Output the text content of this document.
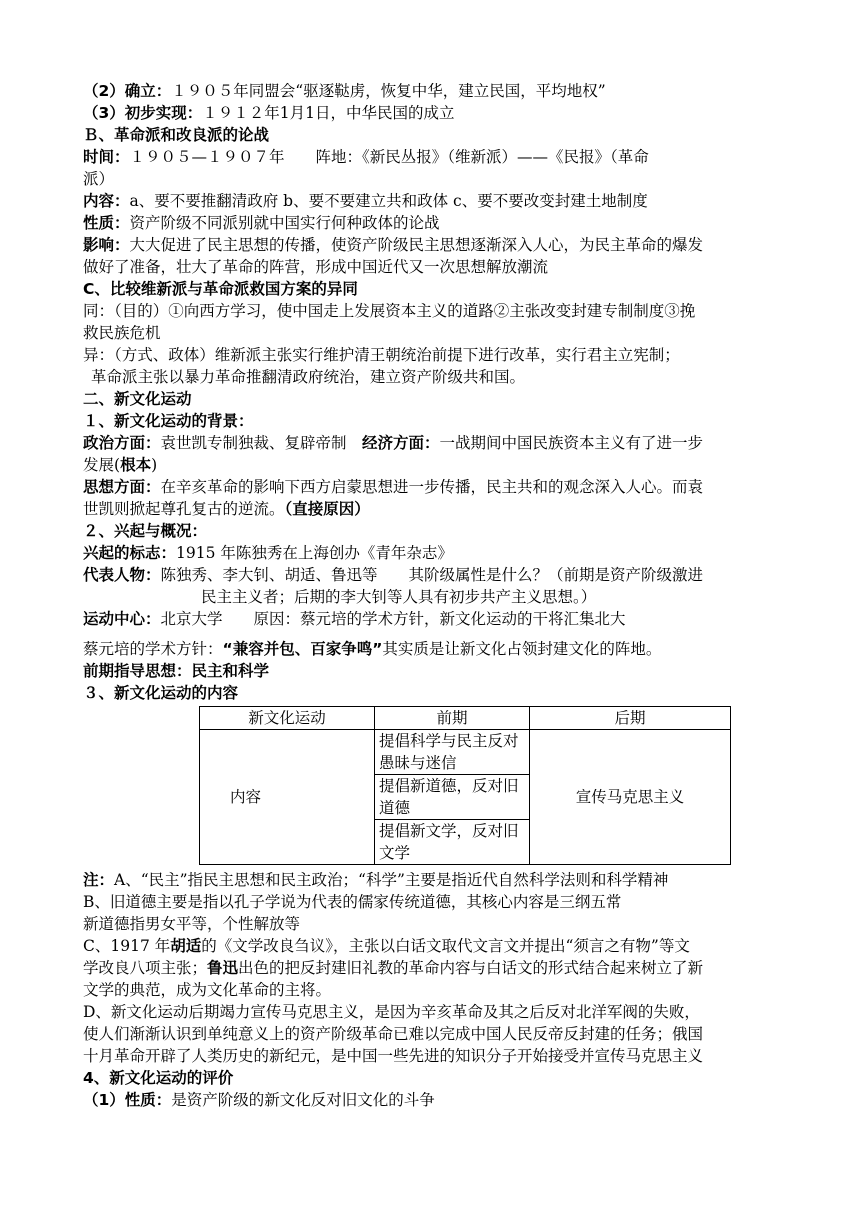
（2）确立：１９０５年同盟会“驱逐鞑虏，恢复中华，建立民国，平均地权”
（3）初步实现：１９１２年1月1日，中华民国的成立
Ｂ、革命派和改良派的论战
时间：１９０５—１９０７年　　阵地：《新民丛报》（维新派）——《民报》（革命
派）
内容：a、要不要推翻清政府 b、要不要建立共和政体 c、要不要改变封建土地制度
性质：资产阶级不同派别就中国实行何种政体的论战
影响：大大促进了民主思想的传播，使资产阶级民主思想逐渐深入人心，为民主革命的爆发
做好了准备，壮大了革命的阵营，形成中国近代又一次思想解放潮流
C、比较维新派与革命派救国方案的异同
同：（目的）①向西方学习，使中国走上发展资本主义的道路②主张改变封建专制制度③挽
救民族危机
异：（方式、政体）维新派主张实行维护清王朝统治前提下进行改革，实行君主立宪制；
革命派主张以暴力革命推翻清政府统治，建立资产阶级共和国。
二、新文化运动
１、新文化运动的背景：
政治方面：袁世凯专制独裁、复辟帝制　经济方面：一战期间中国民族资本主义有了进一步
发展(根本)
思想方面：在辛亥革命的影响下西方启蒙思想进一步传播，民主共和的观念深入人心。而袁
世凯则掀起尊孔复古的逆流。（直接原因）
２、兴起与概况：
兴起的标志：1915 年陈独秀在上海创办《青年杂志》
代表人物：陈独秀、李大钊、胡适、鲁迅等　　其阶级属性是什么？（前期是资产阶级激进
民主主义者；后期的李大钊等人具有初步共产主义思想。）
运动中心：北京大学　　原因：蔡元培的学术方针，新文化运动的干将汇集北大
蔡元培的学术方针：“兼容并包、百家争鸣”其实质是让新文化占领封建文化的阵地。
前期指导思想：民主和科学
３、新文化运动的内容
新文化运动	前期	后期
内容	提倡科学与民主反对愚昧与迷信	宣传马克思主义
	提倡新道德，反对旧道德	
	提倡新文学，反对旧文学	
注：A、“民主”指民主思想和民主政治；“科学”主要是指近代自然科学法则和科学精神
B、旧道德主要是指以孔子学说为代表的儒家传统道德，其核心内容是三纲五常
新道德指男女平等，个性解放等
C、1917 年胡适的《文学改良刍议》，主张以白话文取代文言文并提出“须言之有物”等文
学改良八项主张；鲁迅出色的把反封建旧礼教的革命内容与白话文的形式结合起来树立了新
文学的典范，成为文化革命的主将。
D、新文化运动后期竭力宣传马克思主义，是因为辛亥革命及其之后反对北洋军阀的失败，
使人们渐渐认识到单纯意义上的资产阶级革命已难以完成中国人民反帝反封建的任务；俄国
十月革命开辟了人类历史的新纪元，是中国一些先进的知识分子开始接受并宣传马克思主义
4、新文化运动的评价
（1）性质：是资产阶级的新文化反对旧文化的斗争
